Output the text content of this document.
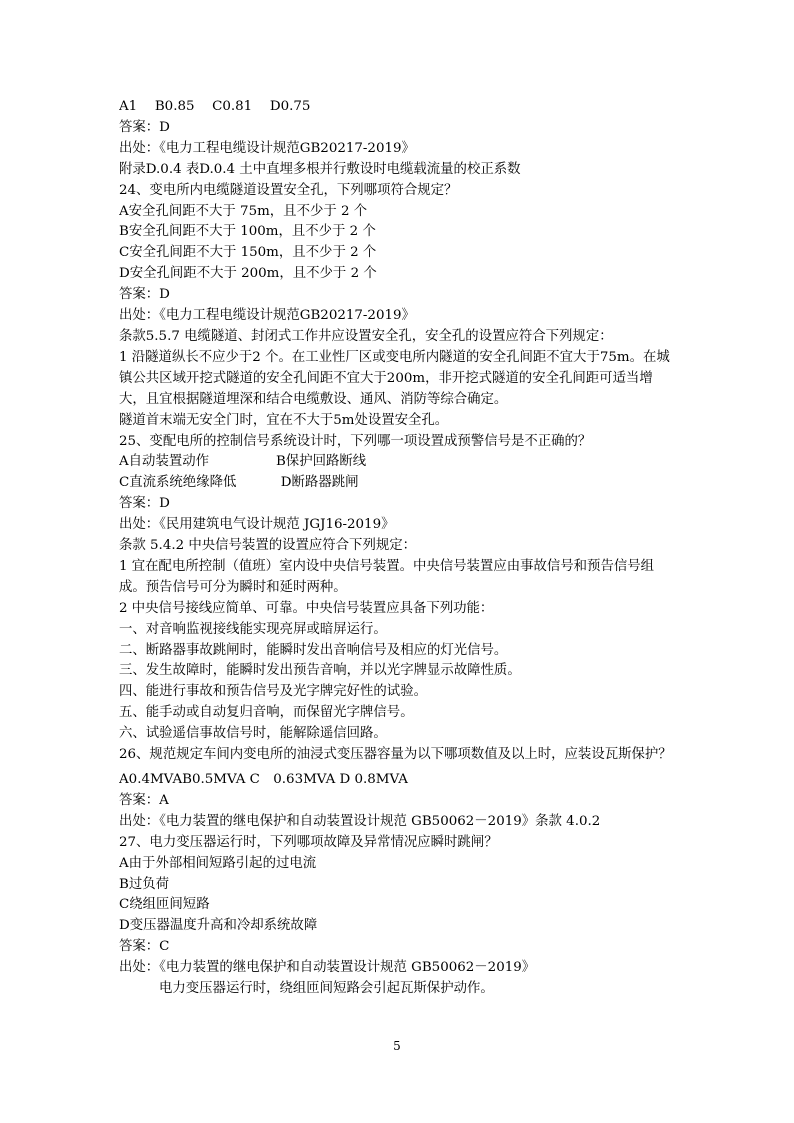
A1　 B0.85　 C0.81　 D0.75
答案：D
出处：《电力工程电缆设计规范GB20217-2019》
附录D.0.4 表D.0.4 土中直埋多根并行敷设时电缆载流量的校正系数
24、变电所内电缆隧道设置安全孔，下列哪项符合规定？
A安全孔间距不大于 75m，且不少于 2 个
B安全孔间距不大于 100m，且不少于 2 个
C安全孔间距不大于 150m，且不少于 2 个
D安全孔间距不大于 200m，且不少于 2 个
答案：D
出处：《电力工程电缆设计规范GB20217-2019》
条款5.5.7 电缆隧道、封闭式工作井应设置安全孔，安全孔的设置应符合下列规定：
1 沿隧道纵长不应少于2 个。在工业性厂区或变电所内隧道的安全孔间距不宜大于75m。在城镇公共区域开挖式隧道的安全孔间距不宜大于200m，非开挖式隧道的安全孔间距可适当增大，且宜根据隧道埋深和结合电缆敷设、通风、消防等综合确定。
隧道首末端无安全门时，宜在不大于5m处设置安全孔。
25、变配电所的控制信号系统设计时，下列哪一项设置成预警信号是不正确的？
A自动装置动作　　　　　B保护回路断线
C直流系统绝缘降低　　　 D断路器跳闸
答案：D
出处：《民用建筑电气设计规范 JGJ16-2019》
条款 5.4.2 中央信号装置的设置应符合下列规定：
1 宜在配电所控制（值班）室内设中央信号装置。中央信号装置应由事故信号和预告信号组成。预告信号可分为瞬时和延时两种。
2 中央信号接线应简单、可靠。中央信号装置应具备下列功能：
一、对音响监视接线能实现亮屏或暗屏运行。
二、断路器事故跳闸时，能瞬时发出音响信号及相应的灯光信号。
三、发生故障时，能瞬时发出预告音响，并以光字牌显示故障性质。
四、能进行事故和预告信号及光字牌完好性的试验。
五、能手动或自动复归音响，而保留光字牌信号。
六、试验遥信事故信号时，能解除遥信回路。
26、规范规定车间内变电所的油浸式变压器容量为以下哪项数值及以上时，应装设瓦斯保护？
A0.4MVAB0.5MVA C　0.63MVA D 0.8MVA
答案：A
出处：《电力装置的继电保护和自动装置设计规范 GB50062－2019》条款 4.0.2
27、电力变压器运行时，下列哪项故障及异常情况应瞬时跳闸？
A由于外部相间短路引起的过电流
B过负荷
C绕组匝间短路
D变压器温度升高和冷却系统故障
答案：C
出处：《电力装置的继电保护和自动装置设计规范 GB50062－2019》
电力变压器运行时，绕组匝间短路会引起瓦斯保护动作。
5
